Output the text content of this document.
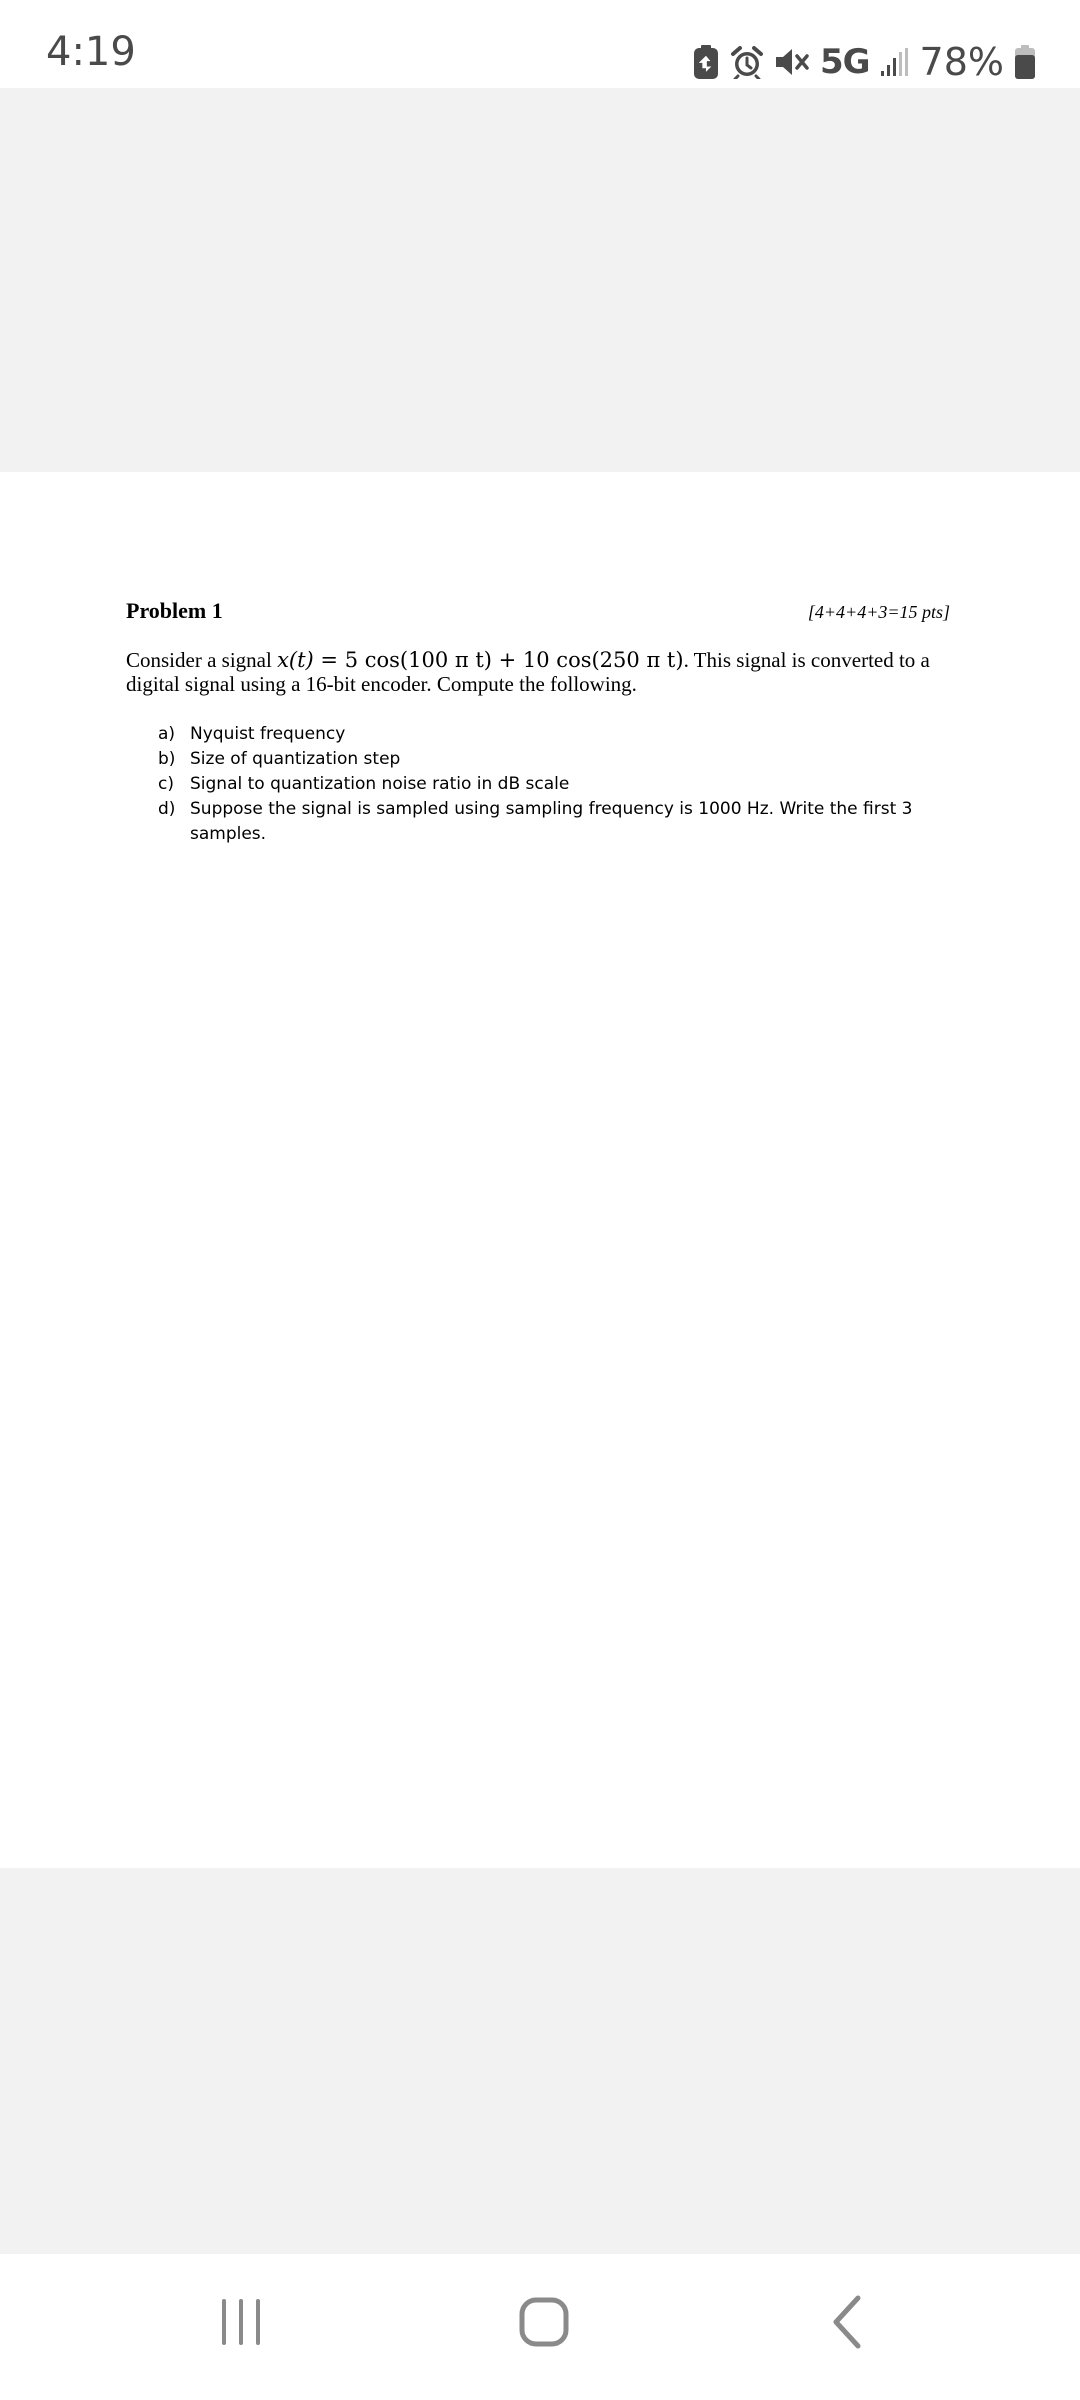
4:19	5G 78%
Problem 1	[4+4+4+3=15 pts]
Consider a signal x(t) = 5 cos(100 π t) + 10 cos(250 π t). This signal is converted to a digital signal using a 16-bit encoder. Compute the following.
a) Nyquist frequency
b) Size of quantization step
c) Signal to quantization noise ratio in dB scale
d) Suppose the signal is sampled using sampling frequency is 1000 Hz. Write the first 3 samples.
